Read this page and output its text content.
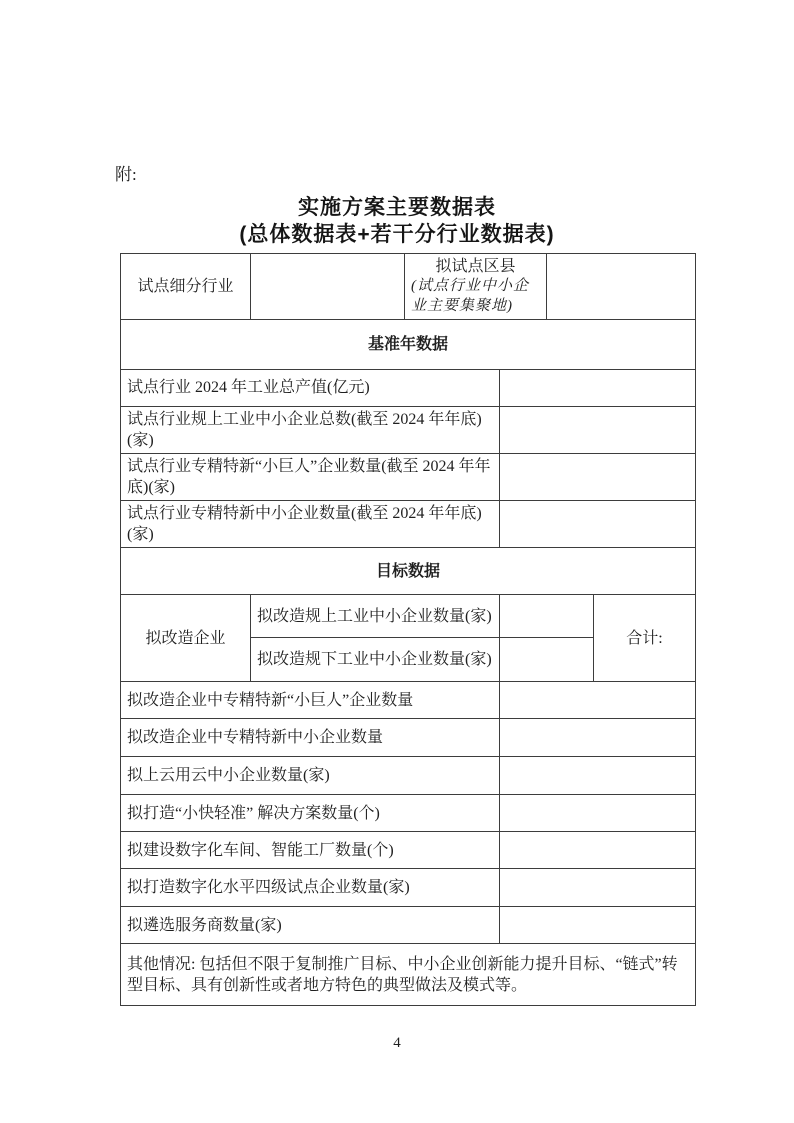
附:
实施方案主要数据表
(总体数据表+若干分行业数据表)
试点细分行业		拟试点区县
(试点行业中小企业主要集聚地)			

基准年数据					
试点行业 2024 年工业总产值(亿元)					
试点行业规上工业中小企业总数(截至 2024 年年底)(家)					
试点行业专精特新“小巨人”企业数量(截至 2024 年年底)(家)					
试点行业专精特新中小企业数量(截至 2024 年年底)(家)					
目标数据					
拟改造企业	拟改造规上工业中小企业数量(家)				合计:
	拟改造规下工业中小企业数量(家)				
拟改造企业中专精特新“小巨人”企业数量					
拟改造企业中专精特新中小企业数量					
拟上云用云中小企业数量(家)					
拟打造“小快轻准” 解决方案数量(个)					
拟建设数字化车间、智能工厂数量(个)					
拟打造数字化水平四级试点企业数量(家)					
拟遴选服务商数量(家)					
其他情况: 包括但不限于复制推广目标、中小企业创新能力提升目标、“链式”转型目标、具有创新性或者地方特色的典型做法及模式等。					
4
